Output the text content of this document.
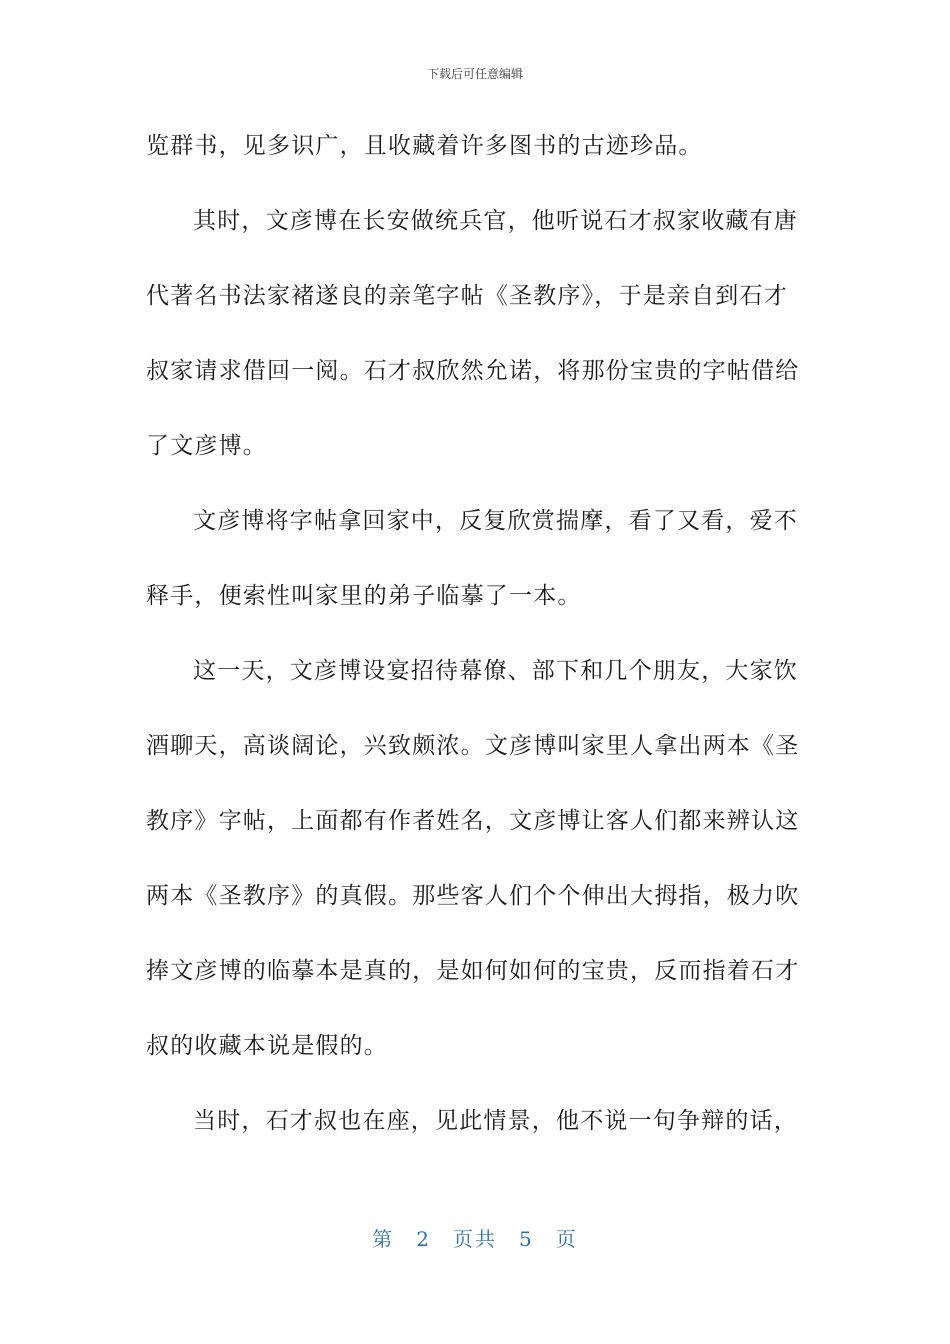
下载后可任意编辑
览群书，见多识广，且收藏着许多图书的古迹珍品。
其时，文彦博在长安做统兵官，他听说石才叔家收藏有唐
代著名书法家褚遂良的亲笔字帖《圣教序》，于是亲自到石才
叔家请求借回一阅。石才叔欣然允诺，将那份宝贵的字帖借给
了文彦博。
文彦博将字帖拿回家中，反复欣赏揣摩，看了又看，爱不
释手，便索性叫家里的弟子临摹了一本。
这一天，文彦博设宴招待幕僚、部下和几个朋友，大家饮
酒聊天，高谈阔论，兴致颇浓。文彦博叫家里人拿出两本《圣
教序》字帖，上面都有作者姓名，文彦博让客人们都来辨认这
两本《圣教序》的真假。那些客人们个个伸出大拇指，极力吹
捧文彦博的临摹本是真的，是如何如何的宝贵，反而指着石才
叔的收藏本说是假的。
当时，石才叔也在座，见此情景，他不说一句争辩的话，
第　2　页共　5　页
